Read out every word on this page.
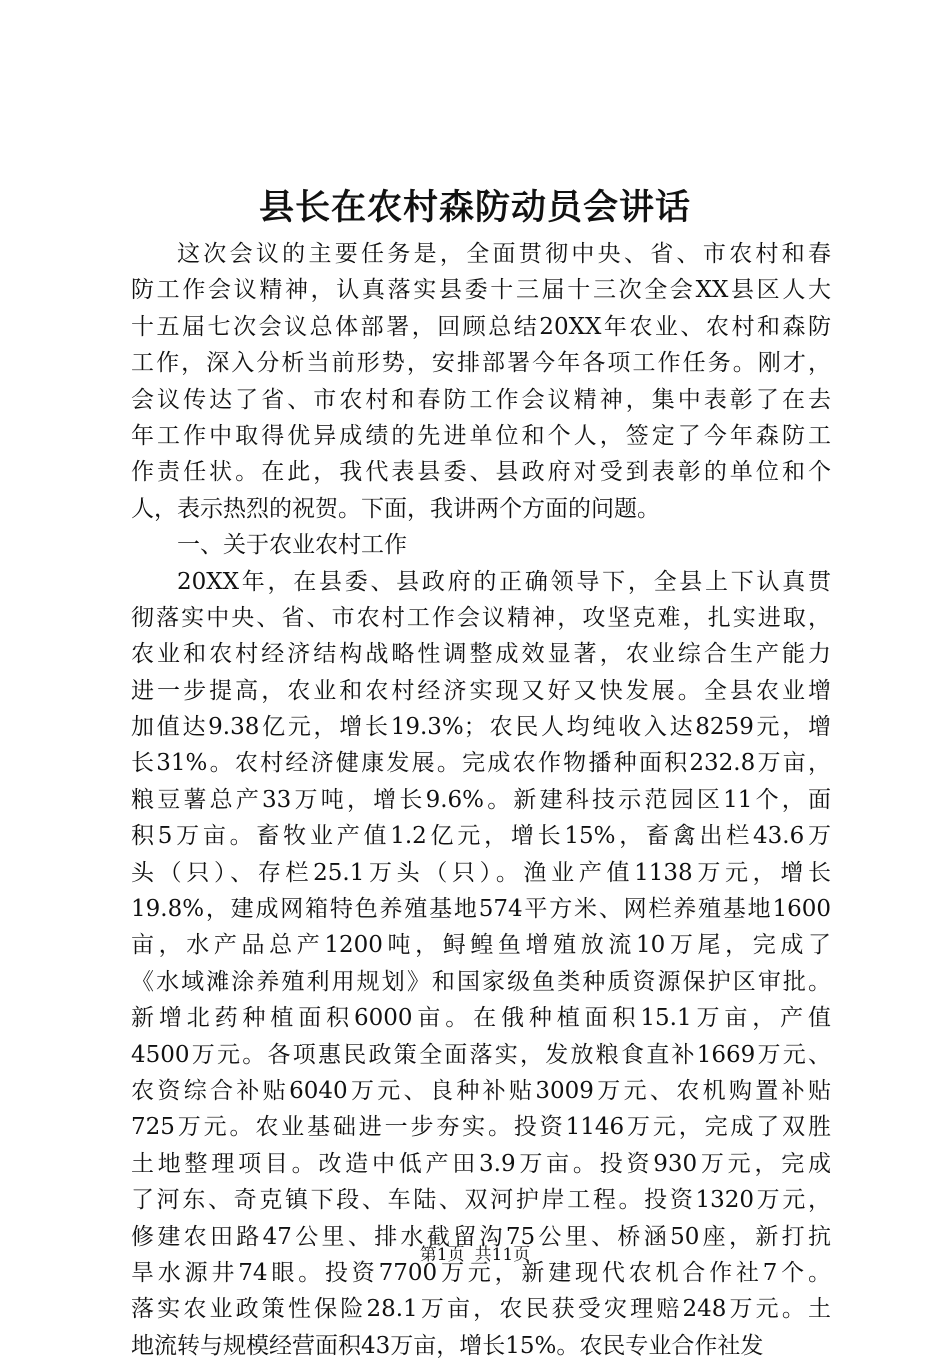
县长在农村森防动员会讲话
这次会议的主要任务是，全面贯彻中央、省、市农村和春
防工作会议精神，认真落实县委十三届十三次全会XX县区人大
十五届七次会议总体部署，回顾总结20XX年农业、农村和森防
工作，深入分析当前形势，安排部署今年各项工作任务。刚才，
会议传达了省、市农村和春防工作会议精神，集中表彰了在去
年工作中取得优异成绩的先进单位和个人，签定了今年森防工
作责任状。在此，我代表县委、县政府对受到表彰的单位和个
人，表示热烈的祝贺。下面，我讲两个方面的问题。
一、关于农业农村工作
20XX年，在县委、县政府的正确领导下，全县上下认真贯
彻落实中央、省、市农村工作会议精神，攻坚克难，扎实进取，
农业和农村经济结构战略性调整成效显著，农业综合生产能力
进一步提高，农业和农村经济实现又好又快发展。全县农业增
加值达9.38亿元，增长19.3%；农民人均纯收入达8259元，增
长31%。农村经济健康发展。完成农作物播种面积232.8万亩，
粮豆薯总产33万吨，增长9.6%。新建科技示范园区11个，面
积5万亩。畜牧业产值1.2亿元，增长15%，畜禽出栏43.6万
头（只）、存栏25.1万头（只）。渔业产值1138万元，增长
19.8%，建成网箱特色养殖基地574平方米、网栏养殖基地1600
亩，水产品总产1200吨，鲟鳇鱼增殖放流10万尾，完成了
《水域滩涂养殖利用规划》和国家级鱼类种质资源保护区审批。
新增北药种植面积6000亩。在俄种植面积15.1万亩，产值
4500万元。各项惠民政策全面落实，发放粮食直补1669万元、
农资综合补贴6040万元、良种补贴3009万元、农机购置补贴
725万元。农业基础进一步夯实。投资1146万元，完成了双胜
土地整理项目。改造中低产田3.9万亩。投资930万元，完成
了河东、奇克镇下段、车陆、双河护岸工程。投资1320万元，
修建农田路47公里、排水截留沟75公里、桥涵50座，新打抗
旱水源井74眼。投资7700万元，新建现代农机合作社7个。
落实农业政策性保险28.1万亩，农民获受灾理赔248万元。土
地流转与规模经营面积43万亩，增长15%。农民专业合作社发
第1页 共11页
